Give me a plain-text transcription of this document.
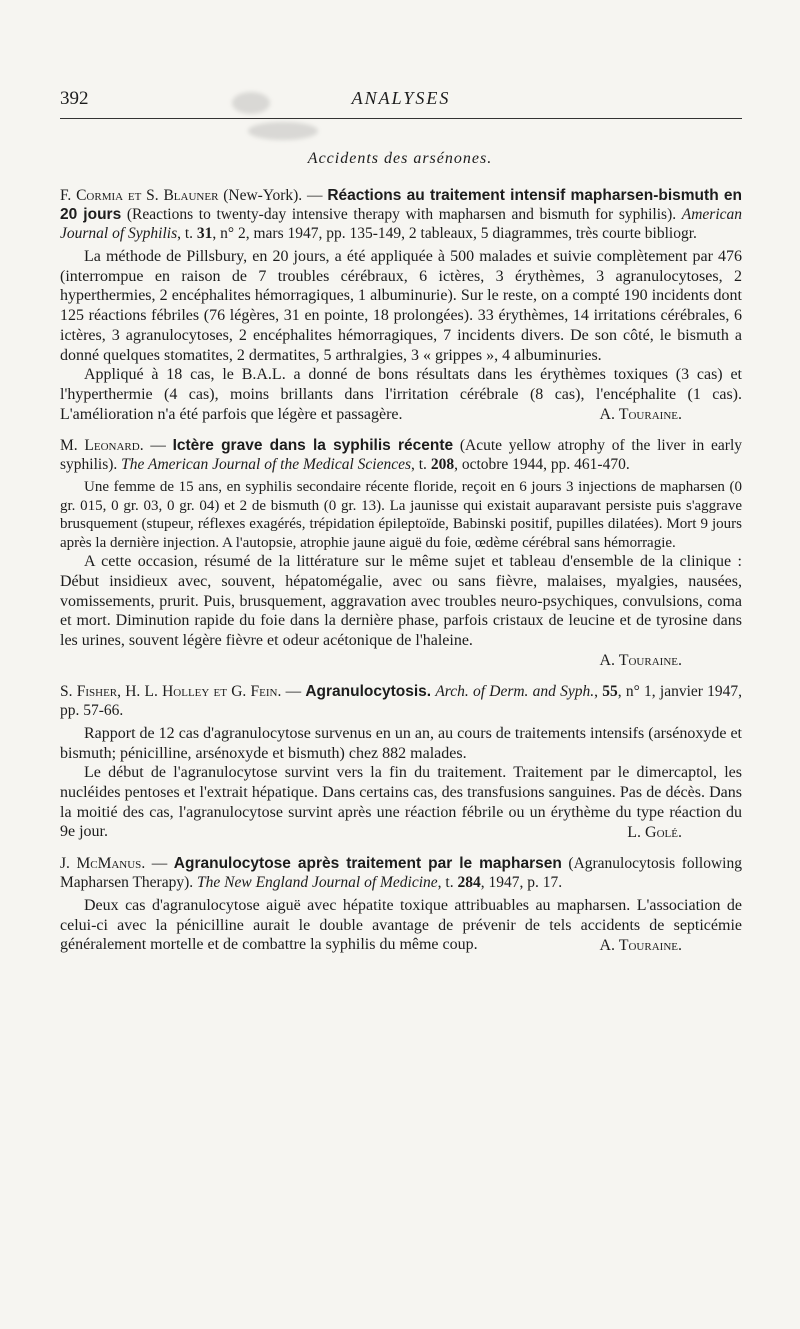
392	ANALYSES
Accidents des arsénones.

F. Cormia et S. Blauner (New-York). — Réactions au traitement intensif mapharsen-bismuth en 20 jours (Reactions to twenty-day intensive therapy with mapharsen and bismuth for syphilis). American Journal of Syphilis, t. 31, n° 2, mars 1947, pp. 135-149, 2 tableaux, 5 diagrammes, très courte bibliogr.

La méthode de Pillsbury, en 20 jours, a été appliquée à 500 malades et suivie complètement par 476 (interrompue en raison de 7 troubles cérébraux, 6 ictères, 3 érythèmes, 3 agranulocytoses, 2 hyperthermies, 2 encéphalites hémorragiques, 1 albuminurie). Sur le reste, on a compté 190 incidents dont 125 réactions fébriles (76 légères, 31 en pointe, 18 prolongées). 33 érythèmes, 14 irritations cérébrales, 6 ictères, 3 agranulocytoses, 2 encéphalites hémorragiques, 7 incidents divers. De son côté, le bismuth a donné quelques stomatites, 2 dermatites, 5 arthralgies, 3 « grippes », 4 albuminuries.

Appliqué à 18 cas, le B.A.L. a donné de bons résultats dans les érythèmes toxiques (3 cas) et l'hyperthermie (4 cas), moins brillants dans l'irritation cérébrale (8 cas), l'encéphalite (1 cas). L'amélioration n'a été parfois que légère et passagère.	A. Touraine.

M. Leonard. — Ictère grave dans la syphilis récente (Acute yellow atrophy of the liver in early syphilis). The American Journal of the Medical Sciences, t. 208, octobre 1944, pp. 461-470.

Une femme de 15 ans, en syphilis secondaire récente floride, reçoit en 6 jours 3 injections de mapharsen (0 gr. 015, 0 gr. 03, 0 gr. 04) et 2 de bismuth (0 gr. 13). La jaunisse qui existait auparavant persiste puis s'aggrave brusquement (stupeur, réflexes exagérés, trépidation épileptoïde, Babinski positif, pupilles dilatées). Mort 9 jours après la dernière injection. A l'autopsie, atrophie jaune aiguë du foie, œdème cérébral sans hémorragie.

A cette occasion, résumé de la littérature sur le même sujet et tableau d'ensemble de la clinique : Début insidieux avec, souvent, hépatomégalie, avec ou sans fièvre, malaises, myalgies, nausées, vomissements, prurit. Puis, brusquement, aggravation avec troubles neuro-psychiques, convulsions, coma et mort. Diminution rapide du foie dans la dernière phase, parfois cristaux de leucine et de tyrosine dans les urines, souvent légère fièvre et odeur acétonique de l'haleine.

A. Touraine.

S. Fisher, H. L. Holley et G. Fein. — Agranulocytosis. Arch. of Derm. and Syph., 55, n° 1, janvier 1947, pp. 57-66.

Rapport de 12 cas d'agranulocytose survenus en un an, au cours de traitements intensifs (arsénoxyde et bismuth; pénicilline, arsénoxyde et bismuth) chez 882 malades.

Le début de l'agranulocytose survint vers la fin du traitement. Traitement par le dimercaptol, les nucléides pentoses et l'extrait hépatique. Dans certains cas, des transfusions sanguines. Pas de décès. Dans la moitié des cas, l'agranulocytose survint après une réaction fébrile ou un érythème du type réaction du 9e jour.	L. Golé.

J. McManus. — Agranulocytose après traitement par le mapharsen (Agranulocytosis following Mapharsen Therapy). The New England Journal of Medicine, t. 284, 1947, p. 17.

Deux cas d'agranulocytose aiguë avec hépatite toxique attribuables au mapharsen. L'association de celui-ci avec la pénicilline aurait le double avantage de prévenir de tels accidents de septicémie généralement mortelle et de combattre la syphilis du même coup.	A. Touraine.
